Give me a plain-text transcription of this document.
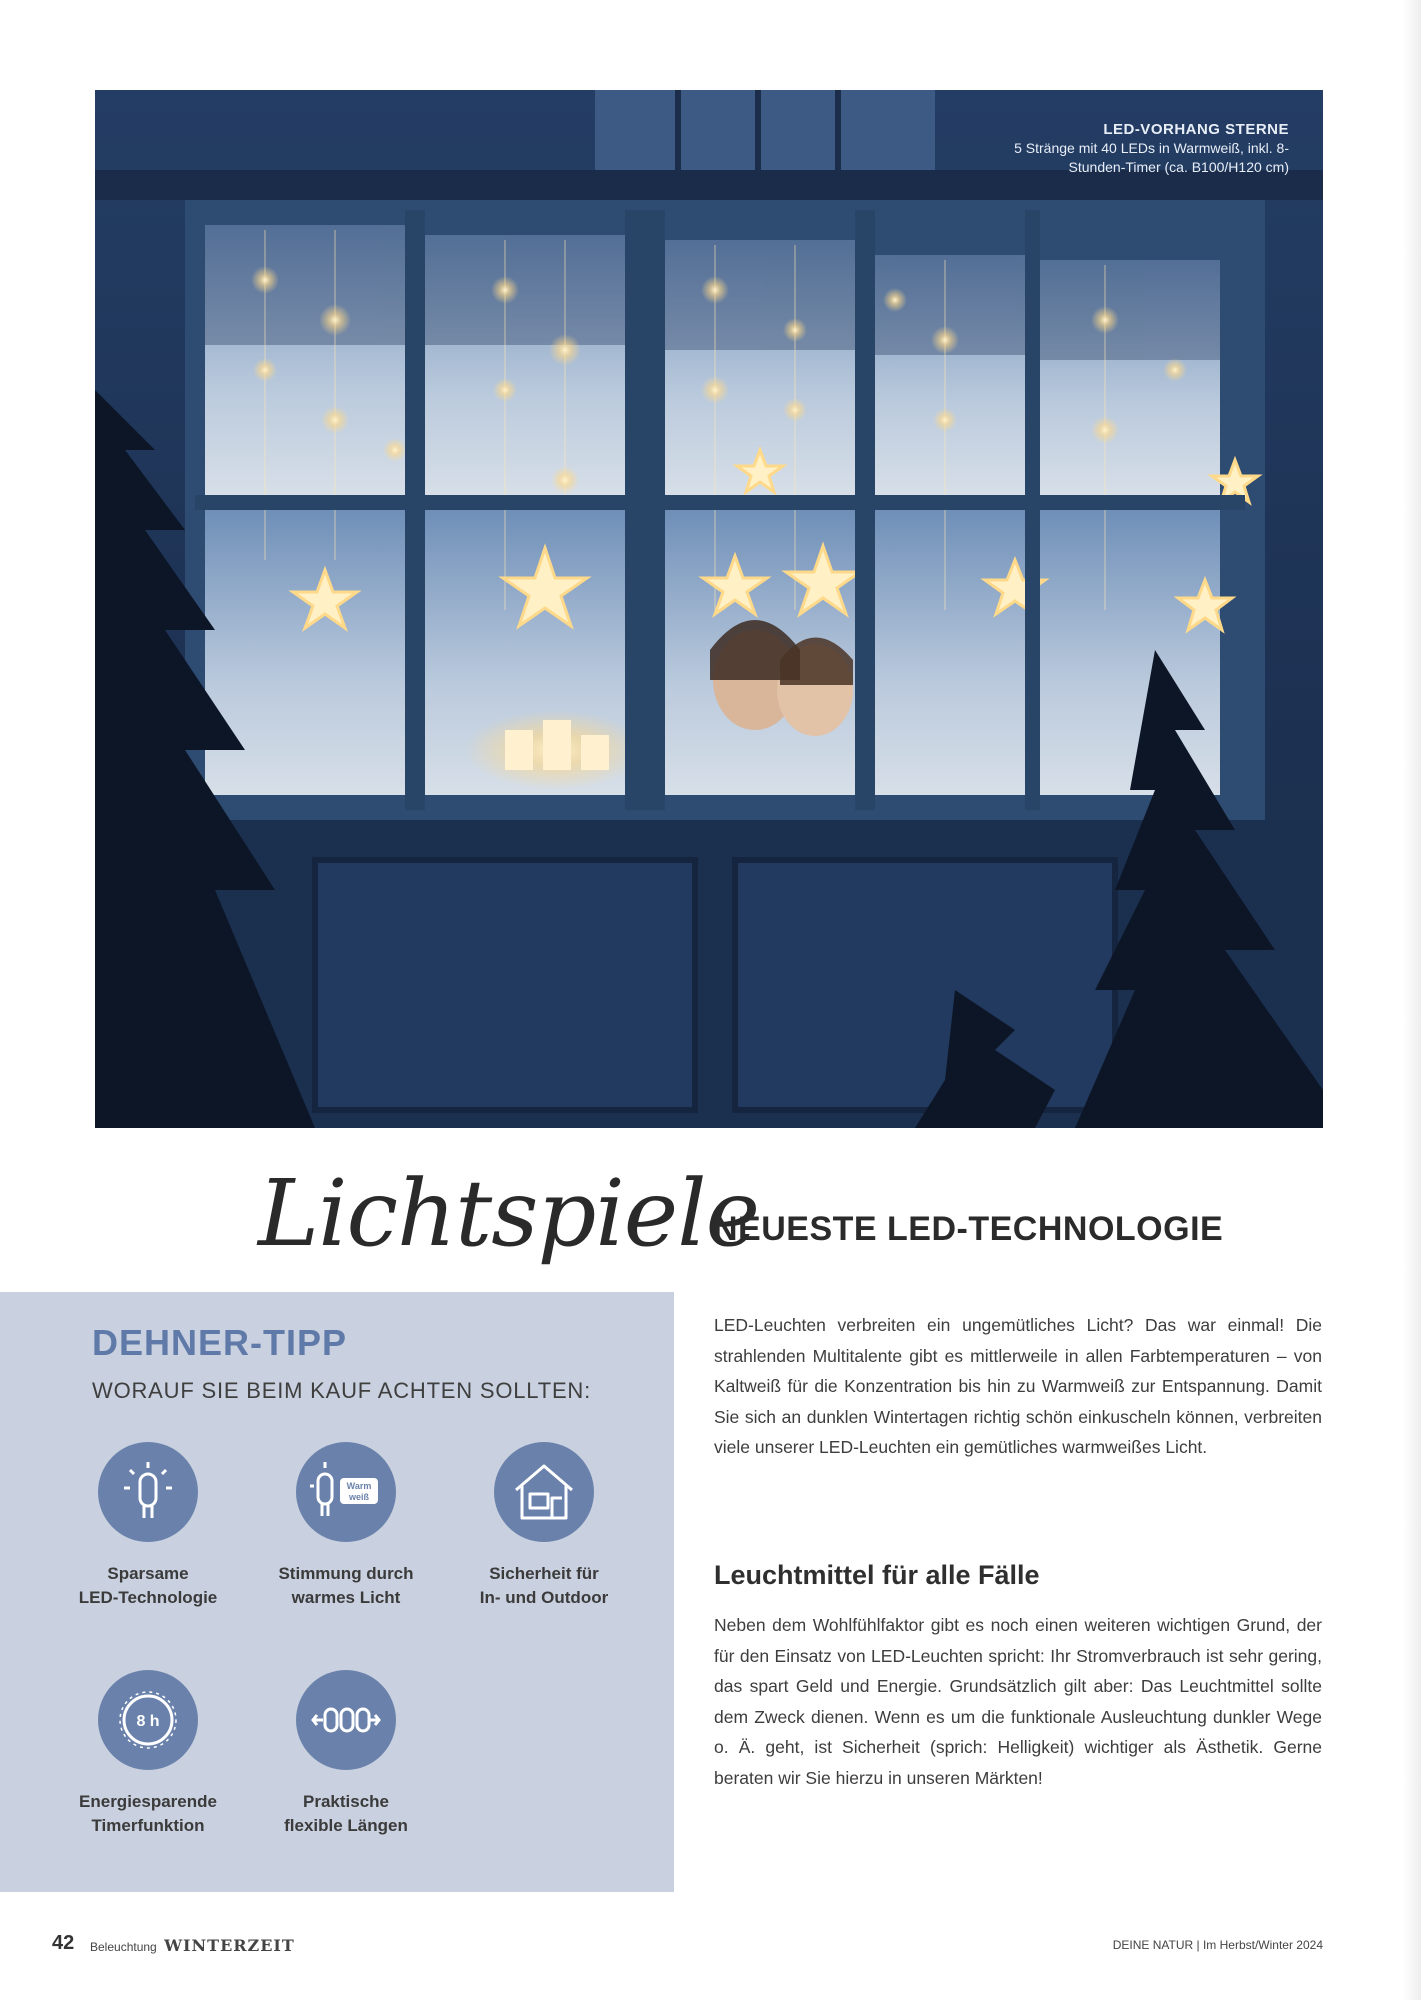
LED-VORHANG STERNE
5 Stränge mit 40 LEDs in Warmweiß, inkl. 8-Stunden-Timer (ca. B100/H120 cm)
Lichtspiele
NEUESTE LED-TECHNOLOGIE
DEHNER-TIPP
WORAUF SIE BEIM KAUF ACHTEN SOLLTEN:
Sparsame
LED-Technologie
Warm
weiß
Stimmung durch
warmes Licht
Sicherheit für
In- und Outdoor
8 h
Energiesparende
Timerfunktion
Praktische
flexible Längen
LED-Leuchten verbreiten ein ungemütliches Licht? Das war einmal! Die strahlenden Multitalente gibt es mittlerweile in allen Farbtemperaturen – von Kaltweiß für die Konzentration bis hin zu Warmweiß zur Entspannung. Damit Sie sich an dunklen Wintertagen richtig schön einkuscheln können, verbreiten viele unserer LED-Leuchten ein gemütliches warmweißes Licht.
Leuchtmittel für alle Fälle
Neben dem Wohlfühlfaktor gibt es noch einen weiteren wichtigen Grund, der für den Einsatz von LED-Leuchten spricht: Ihr Stromverbrauch ist sehr gering, das spart Geld und Energie. Grundsätzlich gilt aber: Das Leuchtmittel sollte dem Zweck dienen. Wenn es um die funktionale Ausleuchtung dunkler Wege o. Ä. geht, ist Sicherheit (sprich: Helligkeit) wichtiger als Ästhetik. Gerne beraten wir Sie hierzu in unseren Märkten!
42 Beleuchtung WINTERZEIT	DEINE NATUR | Im Herbst/Winter 2024
